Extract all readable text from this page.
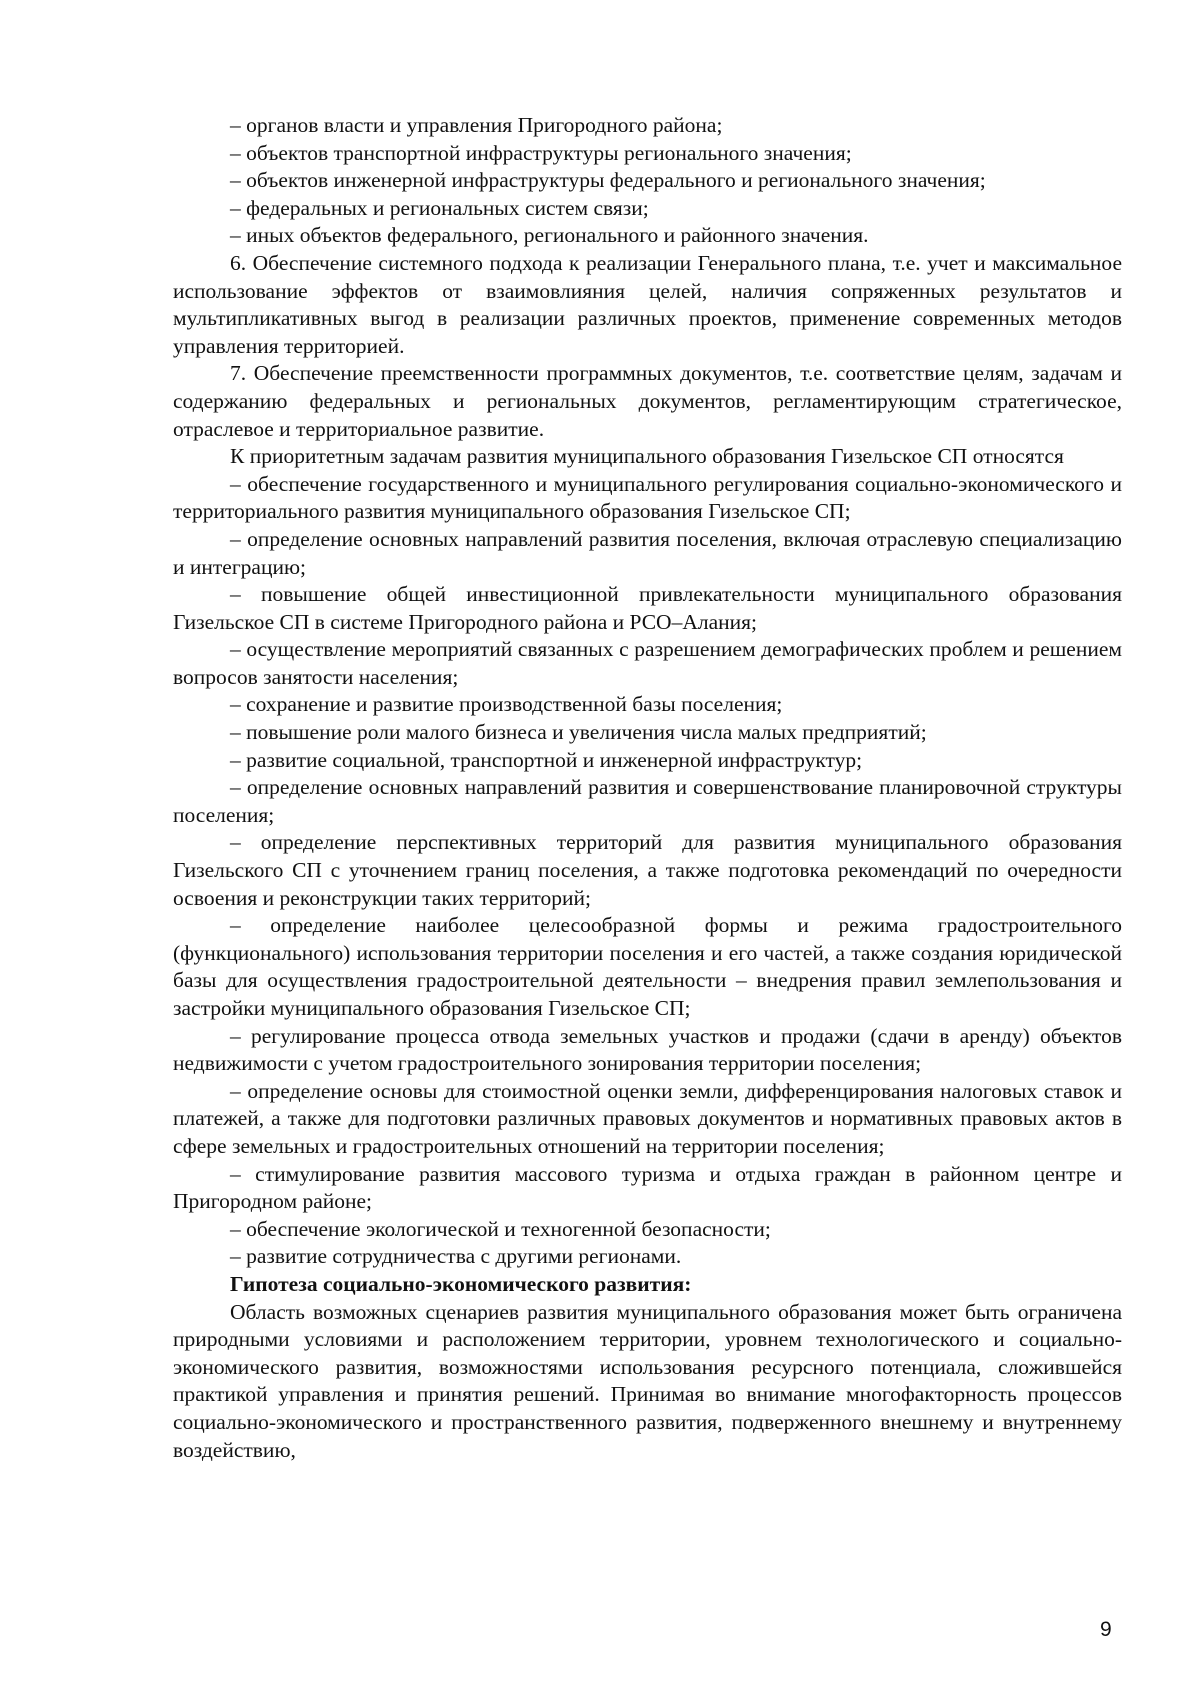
– органов власти и управления Пригородного района;

– объектов транспортной инфраструктуры регионального значения;

– объектов инженерной инфраструктуры федерального и регионального значения;

– федеральных и региональных систем связи;

– иных объектов федерального, регионального и районного значения.

6. Обеспечение системного подхода к реализации Генерального плана, т.е. учет и максимальное использование эффектов от взаимовлияния целей, наличия сопряженных результатов и мультипликативных выгод в реализации различных проектов, применение современных методов управления территорией.

7. Обеспечение преемственности программных документов, т.е. соответствие целям, задачам и содержанию федеральных и региональных документов, регламентирующим стратегическое, отраслевое и территориальное развитие.

К приоритетным задачам развития муниципального образования Гизельское СП относятся

– обеспечение государственного и муниципального регулирования социально-экономического и территориального развития муниципального образования Гизельское СП;

– определение основных направлений развития поселения, включая отраслевую специализацию и интеграцию;

– повышение общей инвестиционной привлекательности муниципального образования Гизельское СП в системе Пригородного района и РСО–Алания;

– осуществление мероприятий связанных с разрешением демографических проблем и решением вопросов занятости населения;

– сохранение и развитие производственной базы поселения;

– повышение роли малого бизнеса и увеличения числа малых предприятий;

– развитие социальной, транспортной и инженерной инфраструктур;

– определение основных направлений развития и совершенствование планировочной структуры поселения;

– определение перспективных территорий для развития муниципального образования Гизельского СП с уточнением границ поселения, а также подготовка рекомендаций по очередности освоения и реконструкции таких территорий;

– определение наиболее целесообразной формы и режима градостроительного (функционального) использования территории поселения и его частей, а также создания юридической базы для осуществления градостроительной деятельности – внедрения правил землепользования и застройки муниципального образования Гизельское СП;

– регулирование процесса отвода земельных участков и продажи (сдачи в аренду) объектов недвижимости с учетом градостроительного зонирования территории поселения;

– определение основы для стоимостной оценки земли, дифференцирования налоговых ставок и платежей, а также для подготовки различных правовых документов и нормативных правовых актов в сфере земельных и градостроительных отношений на территории поселения;

– стимулирование развития массового туризма и отдыха граждан в районном центре и Пригородном районе;

– обеспечение экологической и техногенной безопасности;

– развитие сотрудничества с другими регионами.

Гипотеза социально-экономического развития:

Область возможных сценариев развития муниципального образования может быть ограничена природными условиями и расположением территории, уровнем технологического и социально-экономического развития, возможностями использования ресурсного потенциала, сложившейся практикой управления и принятия решений. Принимая во внимание многофакторность процессов социально-экономического и пространственного развития, подверженного внешнему и внутреннему воздействию,

9
